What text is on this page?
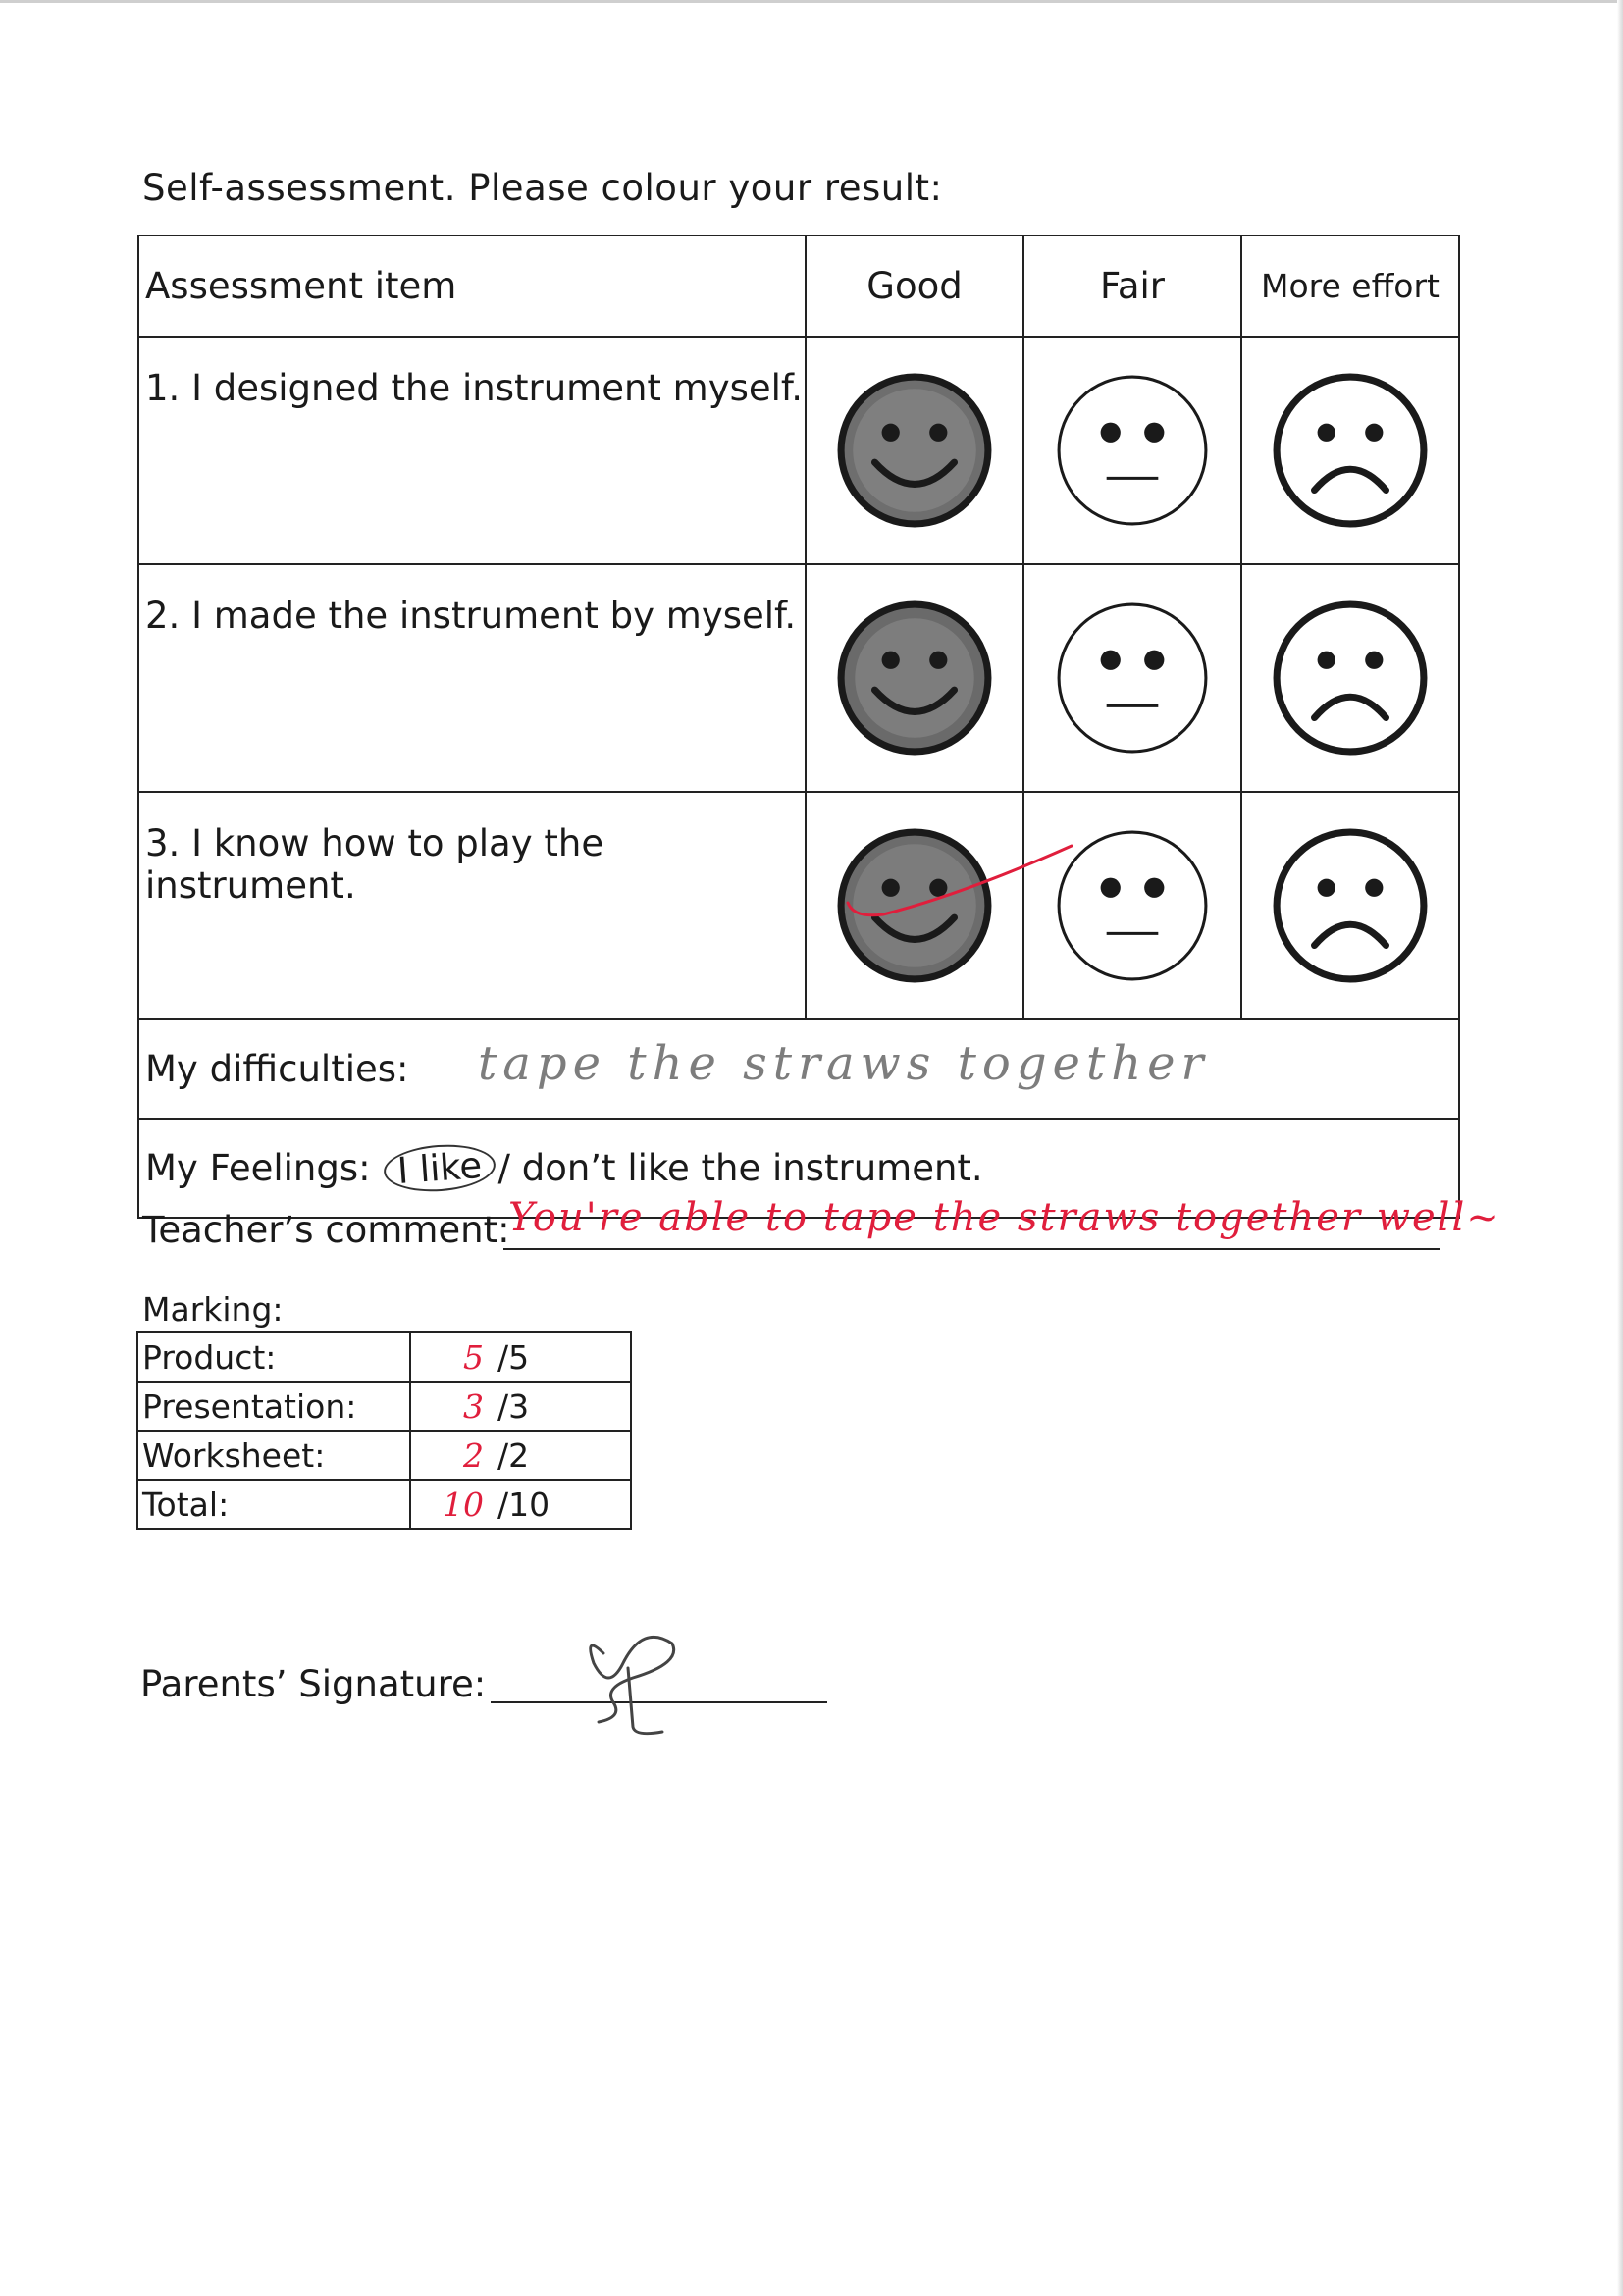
Self-assessment. Please colour your result:
Assessment item	Good	Fair	More effort
1. I designed the instrument myself.			
2. I made the instrument by myself.			
3. I know how to play the instrument.			
My difficulties: tape the straws together			

My Feelings: I like / don’t like the instrument.			
Teacher’s comment:
You're able to tape the straws together well~
Marking:
Product:	5 /5
Presentation:	3 /3
Worksheet:	2 /2
Total:	10 /10
Parents’ Signature:
